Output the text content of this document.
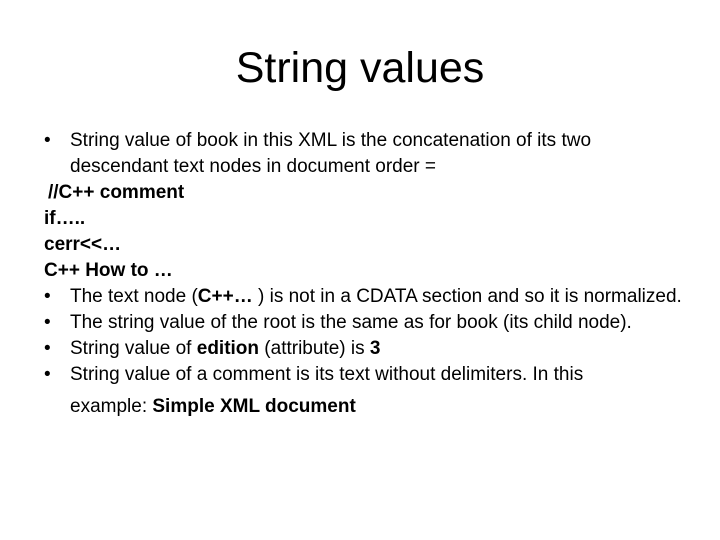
String values
• String value of book in this XML is the concatenation of its two descendant text nodes in document order =
//C++ comment
if…..
cerr<<…
C++ How to …
• The text node (C++… ) is not in a CDATA section and so it is normalized.
• The string value of the root is the same as for book (its child node).
• String value of edition (attribute) is 3
• String value of a comment is its text without delimiters. In this
example: Simple XML document
